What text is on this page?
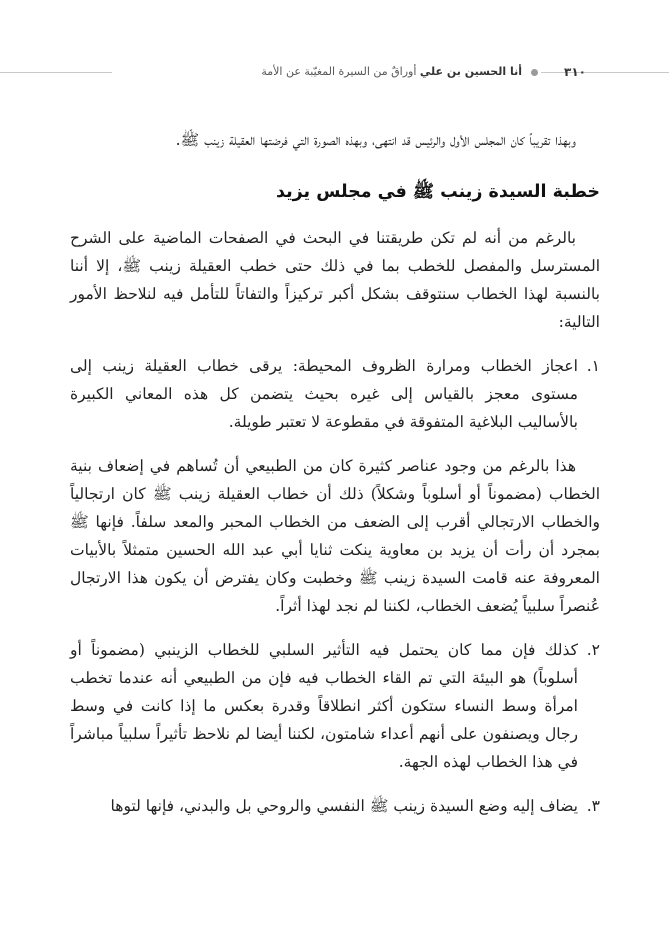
٣١٠
أنا الحسين بن علي أوراقٌ من السيرة المغيّبة عن الأمة

وبهذا تقريباً كان المجلس الأول والرئيس قد انتهى، وبهذه الصورة التي فرضتها العقيلة زينب ﷺ.

خطبة السيدة زينب ﷺ في مجلس يزيد

بالرغم من أنه لم تكن طريقتنا في البحث في الصفحات الماضية على الشرح المسترسل والمفصل للخطب بما في ذلك حتى خطب العقيلة زينب ﷺ، إلا أننا بالنسبة لهذا الخطاب سنتوقف بشكل أكبر تركيزاً والتفاتاً للتأمل فيه لنلاحظ الأمور التالية:

١.
اعجاز الخطاب ومرارة الظروف المحيطة: يرقى خطاب العقيلة زينب إلى مستوى معجز بالقياس إلى غيره بحيث يتضمن كل هذه المعاني الكبيرة بالأساليب البلاغية المتفوقة في مقطوعة لا تعتبر طويلة.

هذا بالرغم من وجود عناصر كثيرة كان من الطبيعي أن تُساهم في إضعاف بنية الخطاب (مضموناً أو أسلوباً وشكلاً) ذلك أن خطاب العقيلة زينب ﷺ كان ارتجالياً والخطاب الارتجالي أقرب إلى الضعف من الخطاب المحبر والمعد سلفاً. فإنها ﷺ بمجرد أن رأت أن يزيد بن معاوية ينكت ثنايا أبي عبد الله الحسين متمثلاً بالأبيات المعروفة عنه قامت السيدة زينب ﷺ وخطبت وكان يفترض أن يكون هذا الارتجال عُنصراً سلبياً يُضعف الخطاب، لكننا لم نجد لهذا أثراً.

٢.
كذلك فإن مما كان يحتمل فيه التأثير السلبي للخطاب الزينبي (مضموناً أو أسلوباً) هو البيئة التي تم القاء الخطاب فيه فإن من الطبيعي أنه عندما تخطب امرأة وسط النساء ستكون أكثر انطلاقاً وقدرة بعكس ما إذا كانت في وسط رجال ويصنفون على أنهم أعداء شامتون، لكننا أيضا لم نلاحظ تأثيراً سلبياً مباشراً في هذا الخطاب لهذه الجهة.
٣.
يضاف إليه وضع السيدة زينب ﷺ النفسي والروحي بل والبدني، فإنها لتوها
